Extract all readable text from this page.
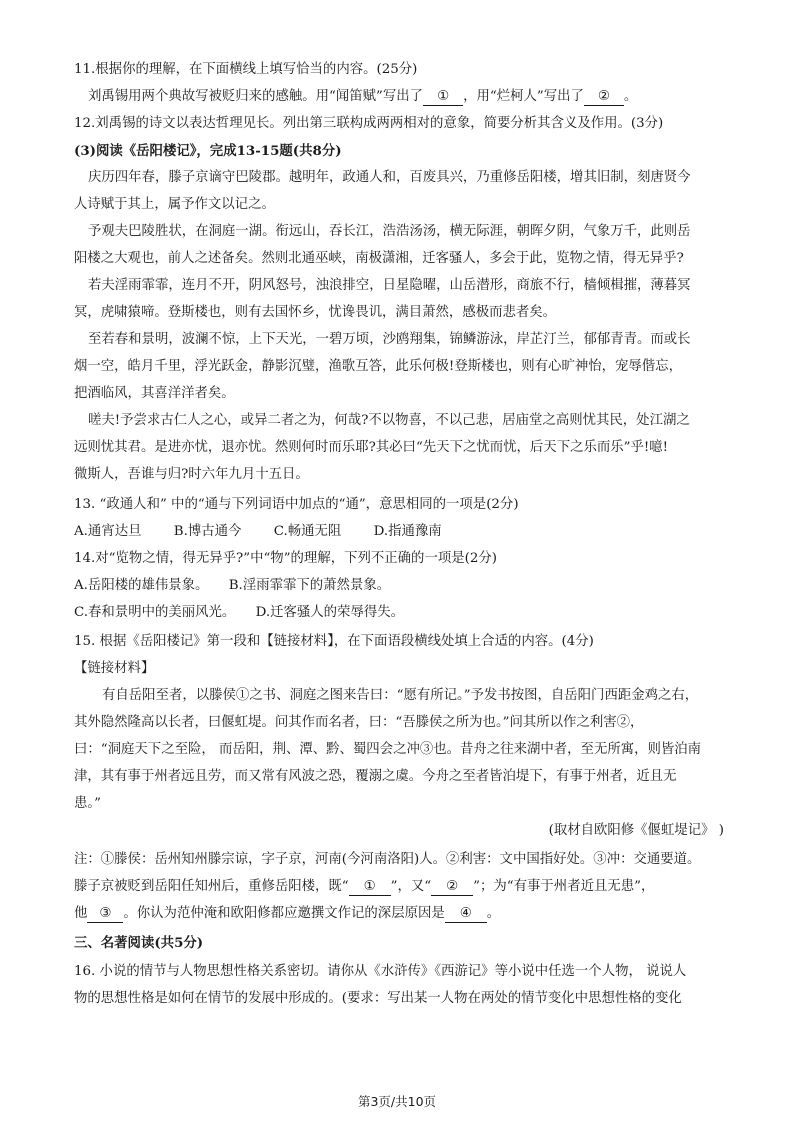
11.根据你的理解，在下面横线上填写恰当的内容。(25分)
刘禹锡用两个典故写被贬归来的感触。用“闻笛赋”写出了 ① ，用“烂柯人”写出了 ② 。
12.刘禹锡的诗文以表达哲理见长。列出第三联构成两两相对的意象，简要分析其含义及作用。(3分)
(3)阅读《岳阳楼记》，完成13-15题(共8分)
庆历四年春，滕子京谪守巴陵郡。越明年，政通人和，百废具兴，乃重修岳阳楼，增其旧制，刻唐贤今
人诗赋于其上，属予作文以记之。
予观夫巴陵胜状，在洞庭一湖。衔远山，吞长江，浩浩汤汤，横无际涯，朝晖夕阴，气象万千，此则岳
阳楼之大观也，前人之述备矣。然则北通巫峡，南极潇湘，迁客骚人，多会于此，览物之情，得无异乎?
若夫淫雨霏霏，连月不开，阴风怒号，浊浪排空，日星隐曜，山岳潜形，商旅不行，樯倾楫摧，薄暮冥
冥，虎啸猿啼。登斯楼也，则有去国怀乡，忧谗畏讥，满目萧然，感极而悲者矣。
至若春和景明，波澜不惊，上下天光，一碧万顷，沙鸥翔集，锦鳞游泳，岸芷汀兰，郁郁青青。而或长
烟一空，皓月千里，浮光跃金，静影沉璧，渔歌互答，此乐何极!登斯楼也，则有心旷神怡，宠辱偕忘，
把酒临风，其喜洋洋者矣。
嗟夫!予尝求古仁人之心，或异二者之为，何哉?不以物喜，不以己悲，居庙堂之高则忧其民，处江湖之
远则忧其君。是进亦忧，退亦忧。然则何时而乐耶?其必曰“先天下之忧而忧，后天下之乐而乐”乎!噫!
微斯人，吾谁与归?时六年九月十五日。
13. “政通人和” 中的“通与下列词语中加点的“通”，意思相同的一项是(2分)
A.通宵达旦 B.博古通今 C.畅通无阻 D.指通豫南
14.对“览物之情，得无异乎?”中“物”的理解，下列不正确的一项是(2分)
A.岳阳楼的雄伟景象。 B.淫雨霏霏下的萧然景象。
C.春和景明中的美丽风光。 D.迁客骚人的荣辱得失。
15. 根据《岳阳楼记》第一段和【链接材料】，在下面语段横线处填上合适的内容。(4分)
【链接材料】
有自岳阳至者，以滕侯①之书、洞庭之图来告曰：“愿有所记。”予发书按图，自岳阳门西距金鸡之右，
其外隐然隆高以长者，曰偃虹堤。问其作而名者，曰：“吾滕侯之所为也。”问其所以作之利害②，
曰：“洞庭天下之至险， 而岳阳，荆、潭、黔、蜀四会之冲③也。昔舟之往来湖中者，至无所寓，则皆泊南
津，其有事于州者远且劳，而又常有风波之恐，覆溺之虞。今舟之至者皆泊堤下，有事于州者，近且无
患。”
(取材自欧阳修《偃虹堤记》 )
注：①滕侯：岳州知州滕宗谅，字子京，河南(今河南洛阳)人。②利害：文中国指好处。③冲：交通要道。
滕子京被贬到岳阳任知州后，重修岳阳楼，既“ ① ”，又“ ② ”；为“有事于州者近且无患”，
他 ③ 。你认为范仲淹和欧阳修都应邀撰文作记的深层原因是 ④ 。
三、名著阅读(共5分)
16. 小说的情节与人物思想性格关系密切。请你从《水浒传》《西游记》等小说中任选一个人物， 说说人
物的思想性格是如何在情节的发展中形成的。(要求：写出某一人物在两处的情节变化中思想性格的变化
第3页/共10页
